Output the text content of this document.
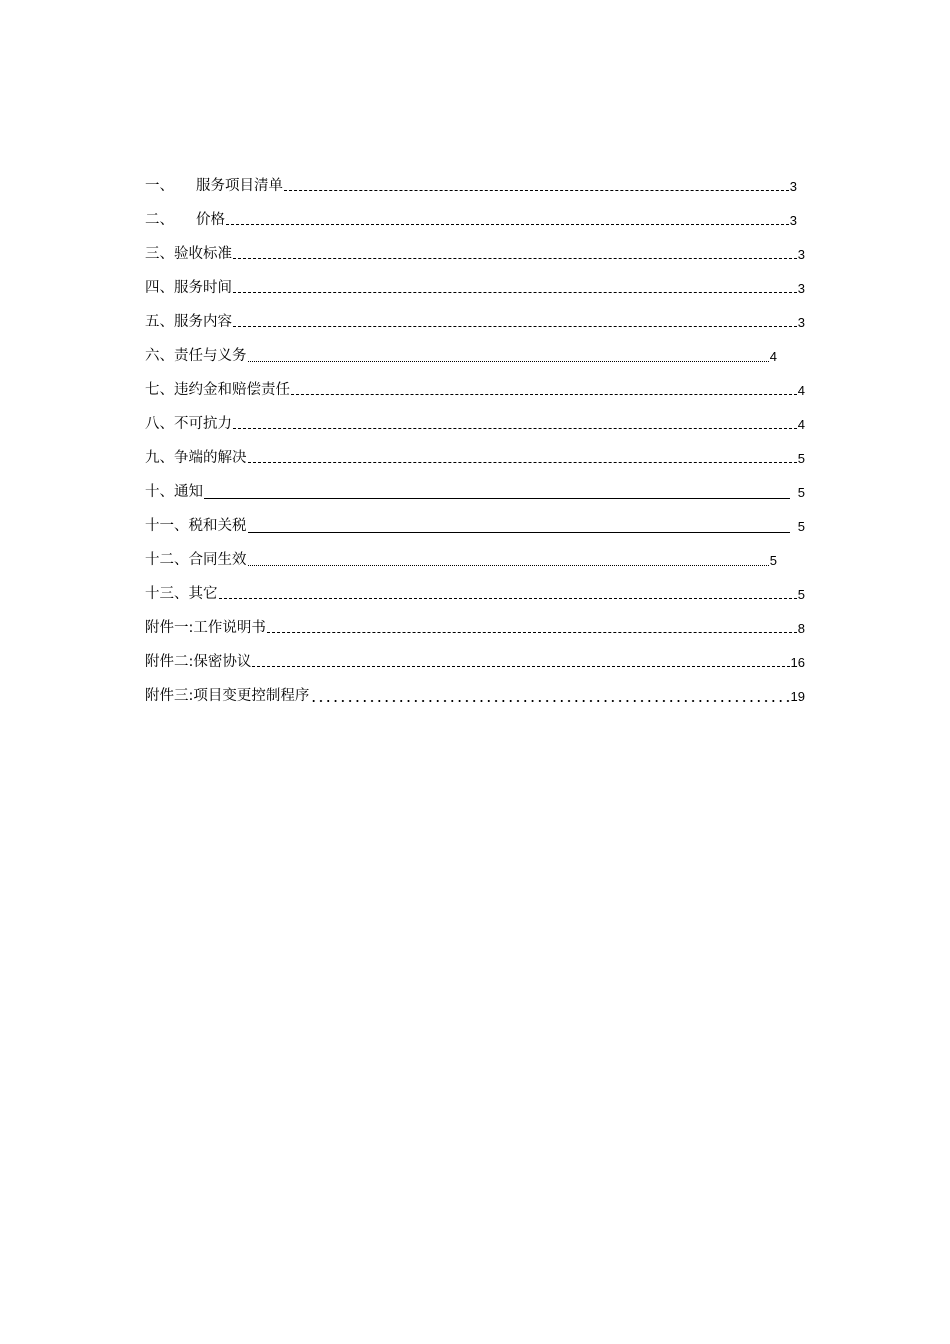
一、 服务项目清单	3
二、 价格	3
三、验收标准	3
四、服务时间	3
五、服务内容	3
六、责任与义务	4
七、违约金和赔偿责任	4
八、不可抗力	4
九、争端的解决	5
十、通知	5
十一、税和关税	5
十二、合同生效	5
十三、其它	5
附件一:工作说明书	8
附件二:保密协议	16
附件三:项目变更控制程序	19
